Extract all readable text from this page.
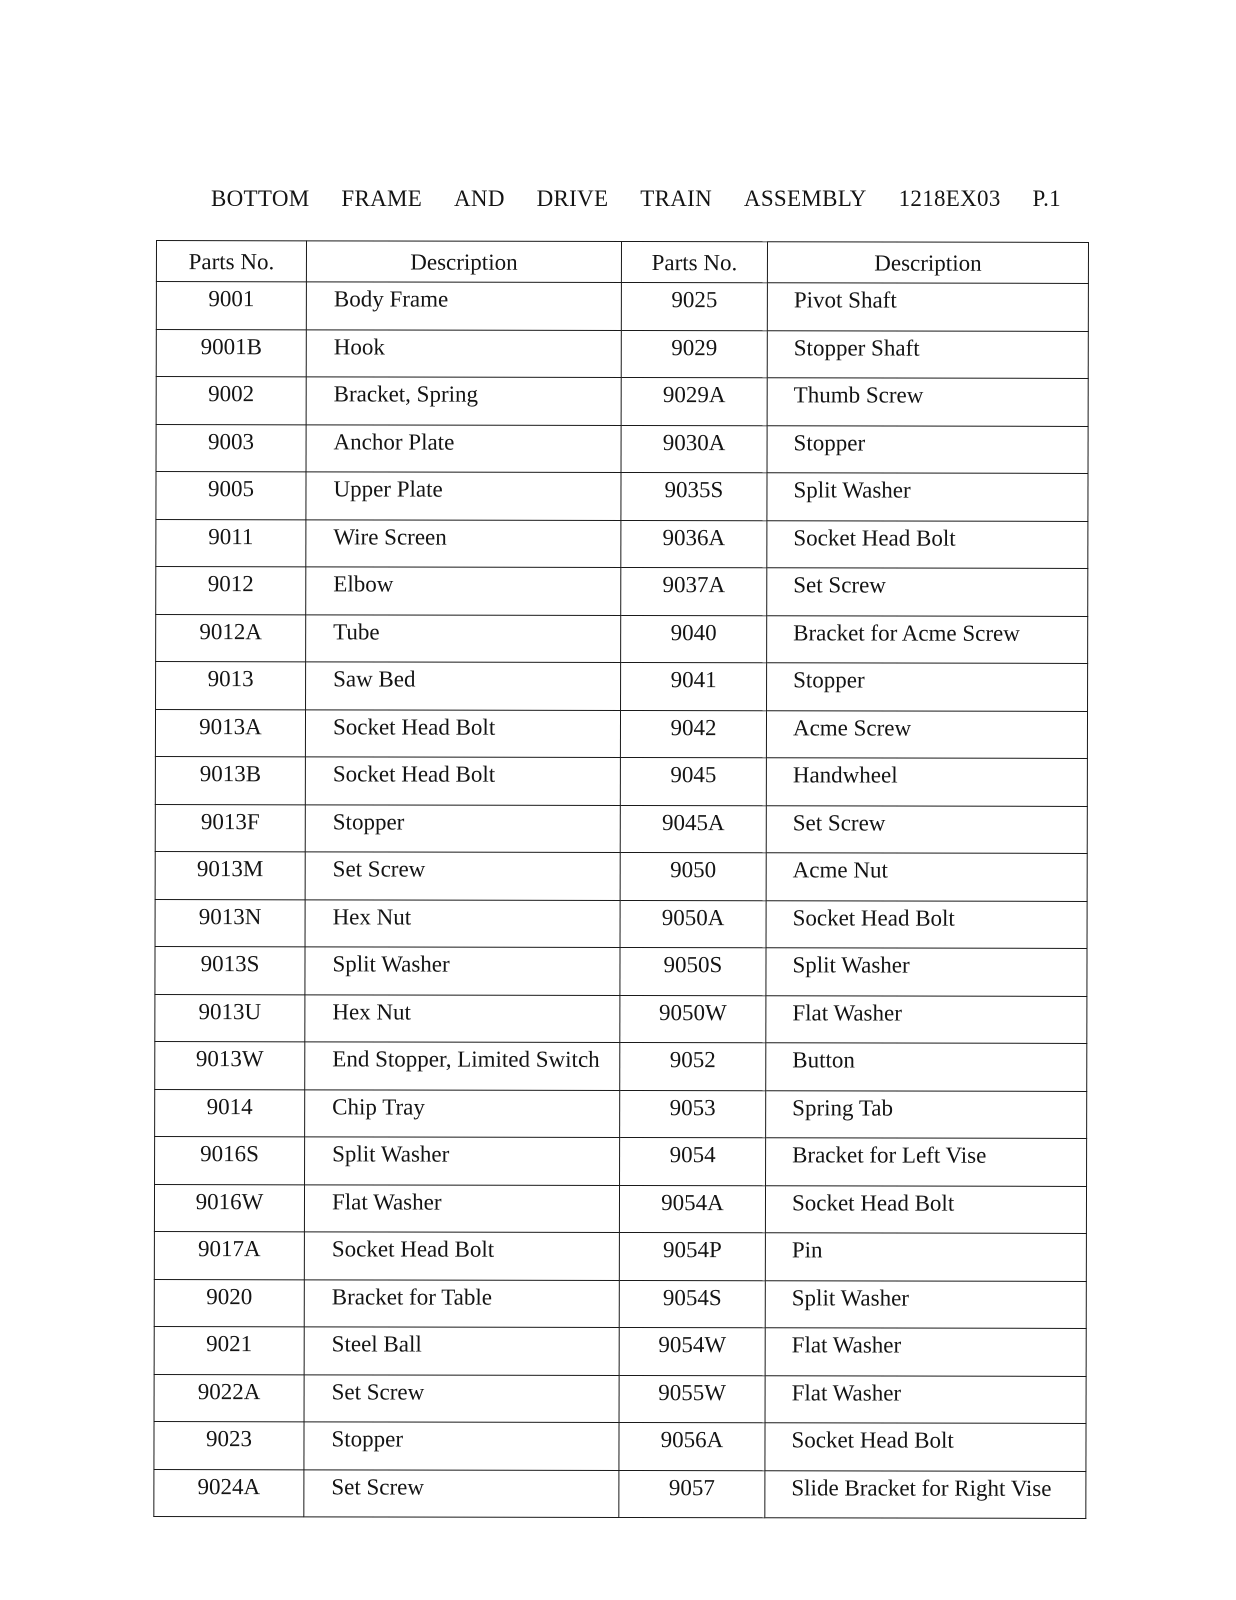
BOTTOM FRAME AND DRIVE TRAIN ASSEMBLY 1218EX03 P.1
Parts No.	Description	Parts No.	Description
9001	Body Frame	9025	Pivot Shaft
9001B	Hook	9029	Stopper Shaft
9002	Bracket, Spring	9029A	Thumb Screw
9003	Anchor Plate	9030A	Stopper
9005	Upper Plate	9035S	Split Washer
9011	Wire Screen	9036A	Socket Head Bolt
9012	Elbow	9037A	Set Screw
9012A	Tube	9040	Bracket for Acme Screw
9013	Saw Bed	9041	Stopper
9013A	Socket Head Bolt	9042	Acme Screw
9013B	Socket Head Bolt	9045	Handwheel
9013F	Stopper	9045A	Set Screw
9013M	Set Screw	9050	Acme Nut
9013N	Hex Nut	9050A	Socket Head Bolt
9013S	Split Washer	9050S	Split Washer
9013U	Hex Nut	9050W	Flat Washer
9013W	End Stopper, Limited Switch	9052	Button
9014	Chip Tray	9053	Spring Tab
9016S	Split Washer	9054	Bracket for Left Vise
9016W	Flat Washer	9054A	Socket Head Bolt
9017A	Socket Head Bolt	9054P	Pin
9020	Bracket for Table	9054S	Split Washer
9021	Steel Ball	9054W	Flat Washer
9022A	Set Screw	9055W	Flat Washer
9023	Stopper	9056A	Socket Head Bolt
9024A	Set Screw	9057	Slide Bracket for Right Vise
